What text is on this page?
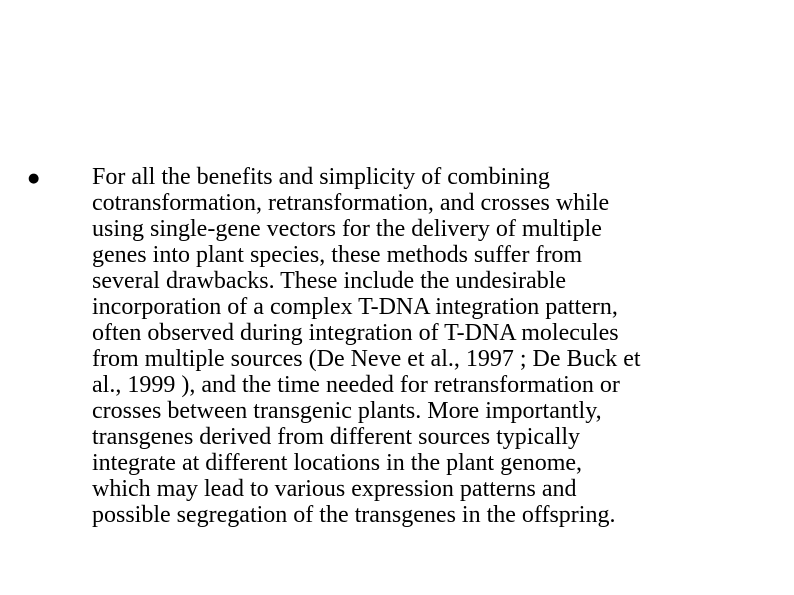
●	For all the benefits and simplicity of combining
cotransformation, retransformation, and crosses while
using single-gene vectors for the delivery of multiple
genes into plant species, these methods suffer from
several drawbacks. These include the undesirable
incorporation of a complex T-DNA integration pattern,
often observed during integration of T-DNA molecules
from multiple sources (De Neve et al., 1997 ; De Buck et
al., 1999 ), and the time needed for retransformation or
crosses between transgenic plants. More importantly,
transgenes derived from different sources typically
integrate at different locations in the plant genome,
which may lead to various expression patterns and
possible segregation of the transgenes in the offspring.
